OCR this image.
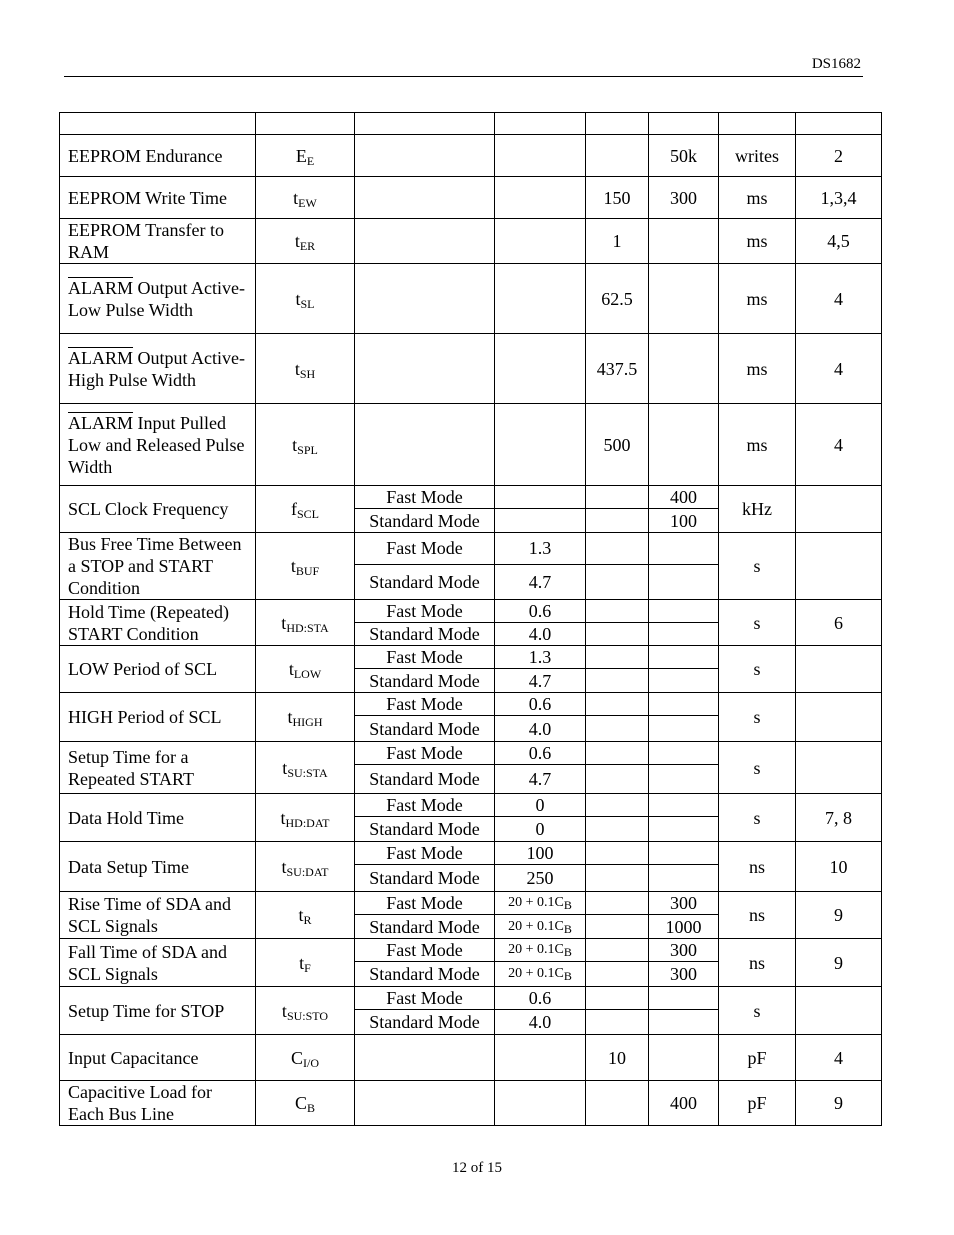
DS1682

EEPROM Endurance	$E_E$				50k	writes	2
EEPROM Write Time	$t_{EW}$			150	300	ms	1,3,4
EEPROM Transfer to RAM	$t_{ER}$			1		ms	4,5
ALARM Output Active-Low Pulse Width	$t_{SL}$			62.5		ms	4
ALARM Output Active-High Pulse Width	$t_{SH}$			437.5		ms	4
ALARM Input Pulled Low and Released Pulse Width	$t_{SPL}$			500		ms	4
SCL Clock Frequency	$f_{SCL}$	Fast Mode			400	kHz	
		Standard Mode			100		
Bus Free Time Between a STOP and START Condition	$t_{BUF}$	Fast Mode	1.3			s	
		Standard Mode	4.7				
Hold Time (Repeated) START Condition	$t_{HD:STA}$	Fast Mode	0.6			s	6
		Standard Mode	4.0				
LOW Period of SCL	$t_{LOW}$	Fast Mode	1.3			s	
		Standard Mode	4.7				
HIGH Period of SCL	$t_{HIGH}$	Fast Mode	0.6			s	
		Standard Mode	4.0				
Setup Time for a Repeated START	$t_{SU:STA}$	Fast Mode	0.6			s	
		Standard Mode	4.7				
Data Hold Time	$t_{HD:DAT}$	Fast Mode	0			s	7, 8
		Standard Mode	0				
Data Setup Time	$t_{SU:DAT}$	Fast Mode	100			ns	10
		Standard Mode	250				
Rise Time of SDA and SCL Signals	$t_R$	Fast Mode	$20 + 0.1C_B$		300	ns	9
		Standard Mode	$20 + 0.1C_B$		1000		
Fall Time of SDA and SCL Signals	$t_F$	Fast Mode	$20 + 0.1C_B$		300	ns	9
		Standard Mode	$20 + 0.1C_B$		300		
Setup Time for STOP	$t_{SU:STO}$	Fast Mode	0.6			s	
		Standard Mode	4.0				
Input Capacitance	$C_{I/O}$			10		pF	4
Capacitive Load for Each Bus Line	$C_B$				400	pF	9
12 of 15
